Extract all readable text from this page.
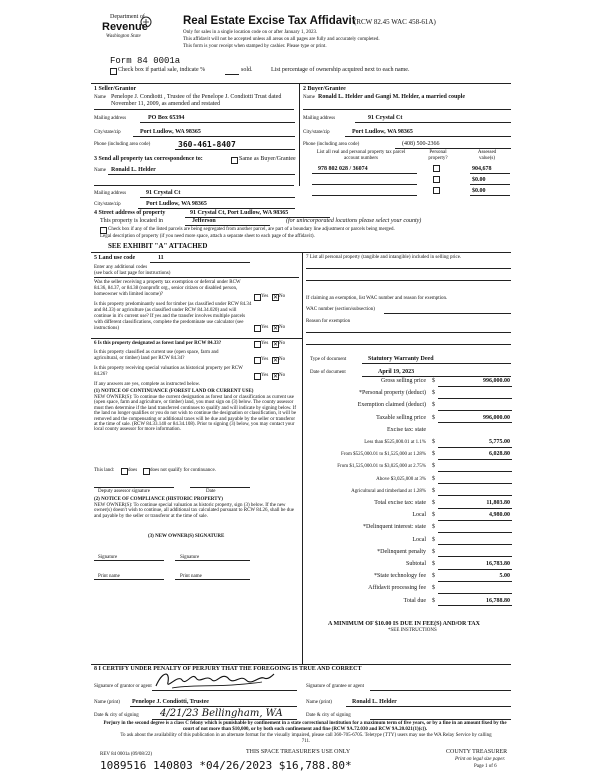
Department of
Revenue
Washington State
Real Estate Excise Tax Affidavit
(RCW 82.45 WAC 458-61A)
Only for sales in a single location code on or after January 1, 2023.
This affidavit will not be accepted unless all areas on all pages are fully and accurately completed.
This form is your receipt when stamped by cashier. Please type or print.
Form 84 0001a
Check box if partial sale, indicate %	sold.	List percentage of ownership acquired next to each name.
1 Seller/Grantor
Name Penelope J. Condiotti , Trustee of the Penelope J. Condiotti Trust dated November 11, 2009, as amended and restated
Mailing address	PO Box 65394
City/state/zip	Port Ludlow, WA 98365
Phone (including area code)	360-461-8407
2 Buyer/Grantee
Name Ronald L. Helder and Gangi M. Helder, a married couple
Mailing address	91 Crystal Ct
City/state/zip	Port Ludlow, WA 98365
Phone (including area code)	(408) 500-2366
3 Send all property tax correspondence to:	Same as Buyer/Grantee
Name Ronald L. Helder
Mailing address	91 Crystal Ct
City/state/zip	Port Ludlow, WA 98365
List all real and personal property tax parcel account numbers
Personal property?
Assessed value(s)
978 802 028 / 36074	904,678
$0.00
$0.00
4 Street address of property	91 Crystal Ct, Port Ludlow, WA 98365
This property is located in	Jefferson	(for unincorporated locations please select your county)
Check box if any of the listed parcels are being segregated from another parcel, are part of a boundary line adjustment or parcels being merged.
Legal description of property (if you need more space, attach a separate sheet to each page of the affidavit).
SEE EXHIBIT "A" ATTACHED
5 Land use code	11
Enter any additional codes
(see back of last page for instructions)
Was the seller receiving a property tax exemption or deferral under RCW 84.36, 84.37, or 84.38 (nonprofit org., senior citizen or disabled person, homeowner with limited income)?	Yes ✕ No
Is this property predominantly used for timber (as classified under RCW 84.34 and 84.33) or agriculture (as classified under RCW 84.34.020) and will continue in it's current use? If yes and the transfer involves multiple parcels with different classifications, complete the predominate use calculator (see instructions)	Yes ✕ No
6 Is this property designated as forest land per RCW 84.33?	Yes ✕ No
Is this property classified as current use (open space, farm and agricultural, or timber) land per RCW 84.34?	Yes ✕ No
Is this property receiving special valuation as historical property per RCW 84.26?	Yes ✕ No
If any answers are yes, complete as instructed below.
(1) NOTICE OF CONTINUANCE (FOREST LAND OR CURRENT USE)
NEW OWNER(S): To continue the current designation as forest land or classification as current use (open space, farm and agriculture, or timber) land, you must sign on (3) below. The county assessor must then determine if the land transferred continues to qualify and will indicate by signing below. If the land no longer qualifies or you do not wish to continue the designation or classification, it will be removed and the compensating or additional taxes will be due and payable by the seller or transferor at the time of sale. (RCW 84.33.140 or 84.34.108). Prior to signing (3) below, you may contact your local county assessor for more information.
This land:	does	does not qualify for continuance.
Deputy assessor signature	Date
(2) NOTICE OF COMPLIANCE (HISTORIC PROPERTY)
NEW OWNER(S): To continue special valuation as historic property, sign (3) below. If the new owner(s) doesn't wish to continue, all additional tax calculated pursuant to RCW 84.26, shall be due and payable by the seller or transferor at the time of sale.
(3) NEW OWNER(S) SIGNATURE
Signature	Signature
Print name	Print name
7 List all personal property (tangible and intangible) included in selling price.
If claiming an exemption, list WAC number and reason for exemption.
WAC number (section/subsection)
Reason for exemption
Type of document	Statutory Warranty Deed
Date of document	April 19, 2023
Gross selling price $	996,000.00
*Personal property (deduct) $
Exemption claimed (deduct) $
Taxable selling price $	996,000.00
Excise tax: state
Less than $525,000.01 at 1.1% $	5,775.00
From $525,000.01 to $1,525,000 at 1.28% $	6,028.80
From $1,525,000.01 to $3,025,000 at 2.75% $
Above $3,025,000 at 3% $
Agricultural and timberland at 1.28% $
Total excise tax: state $	11,803.80
Local $	4,980.00
*Delinquent interest: state $
Local $
*Delinquent penalty $
Subtotal $	16,783.80
*State technology fee $	5.00
Affidavit processing fee $
Total due $	16,788.80
A MINIMUM OF $10.00 IS DUE IN FEE(S) AND/OR TAX
*SEE INSTRUCTIONS
8 I CERTIFY UNDER PENALTY OF PERJURY THAT THE FOREGOING IS TRUE AND CORRECT
Signature of grantor or agent
Name (print) Penelope J. Condiotti, Trustee
Date & city of signing 4/21/23 Bellingham, WA
Signature of grantee or agent
Name (print)	Ronald L. Helder
Date & city of signing
Perjury in the second degree is a class C felony which is punishable by confinement in a state correctional institution for a maximum term of five years, or by a fine in an amount fixed by the court of not more than $10,000, or by both such confinement and fine (RCW 9A.72.030 and RCW 9A.20.021(1)(c)).
To ask about the availability of this publication in an alternate format for the visually impaired, please call 360-705-6705. Teletype (TTY) users may use the WA Relay Service by calling 711.
REV 84 0001a (09/08/22)	THIS SPACE TREASURER'S USE ONLY
1089516 140803 *04/26/2023 $16,788.80*
COUNTY TREASURER
Print on legal size paper.
Page 1 of 6
